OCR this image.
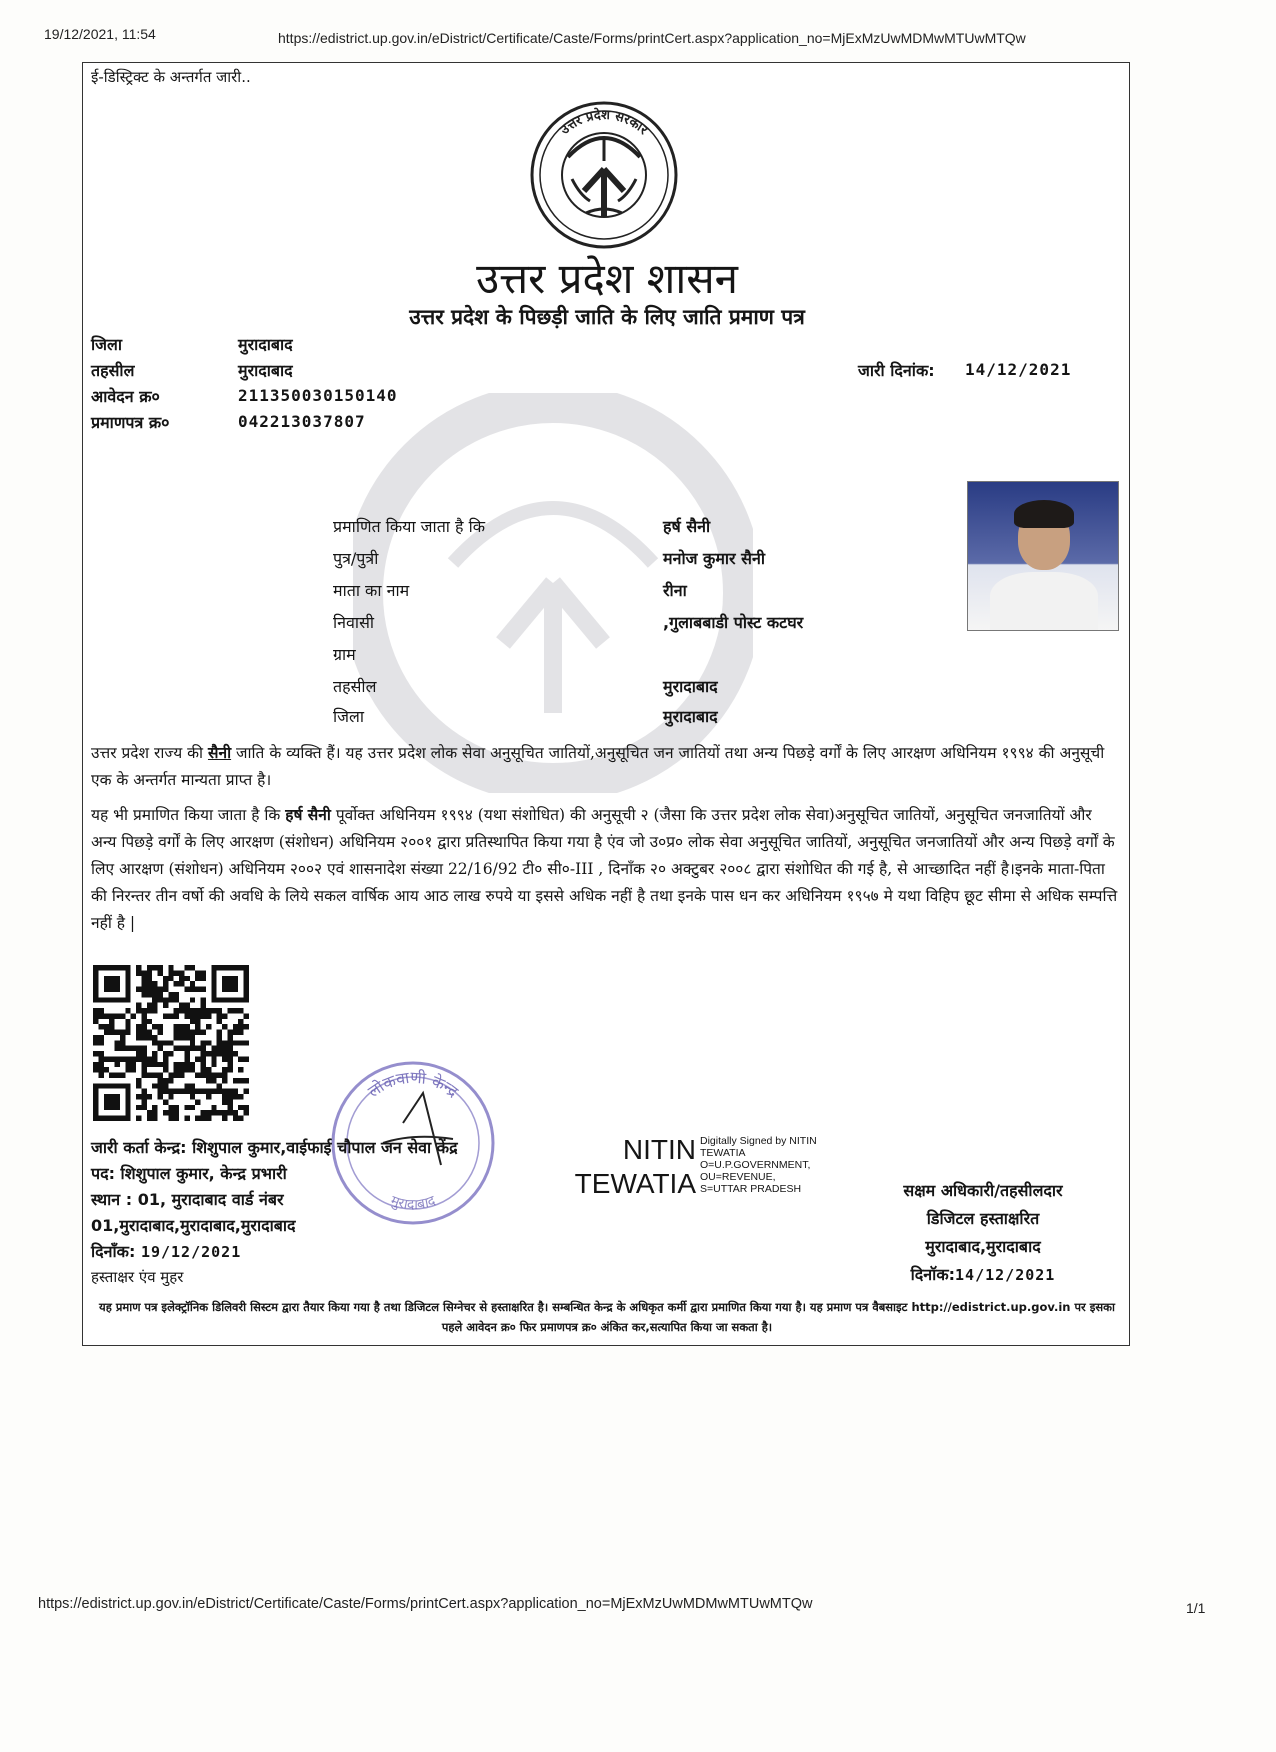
19/12/2021, 11:54	https://edistrict.up.gov.in/eDistrict/Certificate/Caste/Forms/printCert.aspx?application_no=MjExMzUwMDMwMTUwMTQw
ई-डिस्ट्रिक्ट के अन्तर्गत जारी..
उत्तर प्रदेश सरकार
उत्तर प्रदेश शासन
उत्तर प्रदेश के पिछड़ी जाति के लिए जाति प्रमाण पत्र
जिला	मुरादाबाद
तहसील	मुरादाबाद
आवेदन क्र०	211350030150140
प्रमाणपत्र क्र०	042213037807
जारी दिनांक: 14/12/2021
प्रमाणित किया जाता है कि	हर्ष सैनी
पुत्र/पुत्री	मनोज कुमार सैनी
माता का नाम	रीना
निवासी	,गुलाबबाडी पोस्ट कटघर
ग्राम
तहसील	मुरादाबाद
जिला	मुरादाबाद
उत्तर प्रदेश राज्य की सैनी जाति के व्यक्ति हैं। यह उत्तर प्रदेश लोक सेवा अनुसूचित जातियों,अनुसूचित जन जातियों तथा अन्य पिछड़े वर्गों के लिए आरक्षण अधिनियम १९९४ की अनुसूची एक के अन्तर्गत मान्यता प्राप्त है।
यह भी प्रमाणित किया जाता है कि हर्ष सैनी पूर्वोक्त अधिनियम १९९४ (यथा संशोधित) की अनुसूची २ (जैसा कि उत्तर प्रदेश लोक सेवा)अनुसूचित जातियों, अनुसूचित जनजातियों और अन्य पिछड़े वर्गों के लिए आरक्षण (संशोधन) अधिनियम २००१ द्वारा प्रतिस्थापित किया गया है एंव जो उ०प्र० लोक सेवा अनुसूचित जातियों, अनुसूचित जनजातियों और अन्य पिछड़े वर्गों के लिए आरक्षण (संशोधन) अधिनियम २००२ एवं शासनादेश संख्या 22/16/92 टी० सी०-III , दिनाँक २० अक्टुबर २००८ द्वारा संशोधित की गई है, से आच्छादित नहीं है।इनके माता-पिता की निरन्तर तीन वर्षो की अवधि के लिये सकल वार्षिक आय आठ लाख रुपये या इससे अधिक नहीं है तथा इनके पास धन कर अधिनियम १९५७ मे यथा विहिप छूट सीमा से अधिक सम्पत्ति नहीं है |
लोकवाणी केन्द्र
मुरादाबाद
जारी कर्ता केन्द्र: शिशुपाल कुमार,वाईफाई चौपाल जन सेवा केंद्र
पद: शिशुपाल कुमार, केन्द्र प्रभारी
स्थान : 01, मुरादाबाद वार्ड नंबर
01,मुरादाबाद,मुरादाबाद,मुरादाबाद
दिनाँक: 19/12/2021
हस्ताक्षर एंव मुहर
NITIN
TEWATIA
Digitally Signed by NITIN
TEWATIA
O=U.P.GOVERNMENT,
OU=REVENUE,
S=UTTAR PRADESH	सक्षम अधिकारी/तहसीलदार
डिजिटल हस्ताक्षरित
मुरादाबाद,मुरादाबाद
दिनॉक:14/12/2021
यह प्रमाण पत्र इलेक्ट्रॉनिक डिलिवरी सिस्टम द्वारा तैयार किया गया है तथा डिजिटल सिग्नेचर से हस्ताक्षरित है। सम्बन्धित केन्द्र के अधिकृत कर्मी द्वारा प्रमाणित किया गया है। यह प्रमाण पत्र वैबसाइट http://edistrict.up.gov.in पर इसका पहले आवेदन क्र० फिर प्रमाणपत्र क्र० अंकित कर,सत्यापित किया जा सकता है।
https://edistrict.up.gov.in/eDistrict/Certificate/Caste/Forms/printCert.aspx?application_no=MjExMzUwMDMwMTUwMTQw	1/1
